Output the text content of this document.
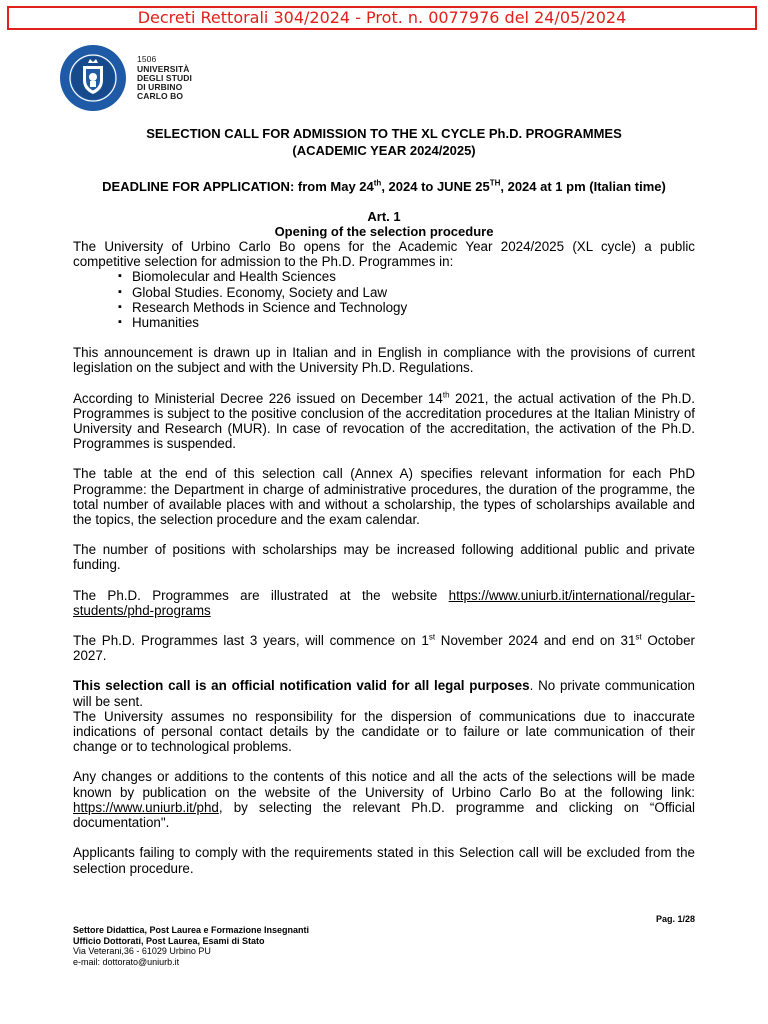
Decreti Rettorali 304/2024 - Prot. n. 0077976 del 24/05/2024
1506
UNIVERSITÀ
DEGLI STUDI
DI URBINO
CARLO BO

SELECTION CALL FOR ADMISSION TO THE XL CYCLE Ph.D. PROGRAMMES
(ACADEMIC YEAR 2024/2025)

DEADLINE FOR APPLICATION: from May 24th, 2024 to JUNE 25TH, 2024 at 1 pm (Italian time)

Art. 1
Opening of the selection procedure

The University of Urbino Carlo Bo opens for the Academic Year 2024/2025 (XL cycle) a public competitive selection for admission to the Ph.D. Programmes in:

▪ Biomolecular and Health Sciences
▪ Global Studies. Economy, Society and Law
▪ Research Methods in Science and Technology
▪ Humanities

This announcement is drawn up in Italian and in English in compliance with the provisions of current legislation on the subject and with the University Ph.D. Regulations.

According to Ministerial Decree 226 issued on December 14th 2021, the actual activation of the Ph.D. Programmes is subject to the positive conclusion of the accreditation procedures at the Italian Ministry of University and Research (MUR). In case of revocation of the accreditation, the activation of the Ph.D. Programmes is suspended.

The table at the end of this selection call (Annex A) specifies relevant information for each PhD Programme: the Department in charge of administrative procedures, the duration of the programme, the total number of available places with and without a scholarship, the types of scholarships available and the topics, the selection procedure and the exam calendar.

The number of positions with scholarships may be increased following additional public and private funding.

The Ph.D. Programmes are illustrated at the website https://www.uniurb.it/international/regular-students/phd-programs

The Ph.D. Programmes last 3 years, will commence on 1st November 2024 and end on 31st October 2027.

This selection call is an official notification valid for all legal purposes. No private communication will be sent.

The University assumes no responsibility for the dispersion of communications due to inaccurate indications of personal contact details by the candidate or to failure or late communication of their change or to technological problems.

Any changes or additions to the contents of this notice and all the acts of the selections will be made known by publication on the website of the University of Urbino Carlo Bo at the following link: https://www.uniurb.it/phd, by selecting the relevant Ph.D. programme and clicking on “Official documentation".

Applicants failing to comply with the requirements stated in this Selection call will be excluded from the selection procedure.

Pag. 1/28
Settore Didattica, Post Laurea e Formazione Insegnanti
Ufficio Dottorati, Post Laurea, Esami di Stato
Via Veterani,36 - 61029 Urbino PU
e-mail: dottorato@uniurb.it
